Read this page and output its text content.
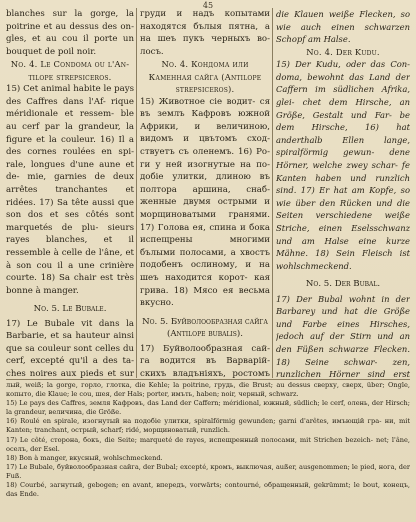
45

blanches sur la gorge, la poitrine et au dessus des on- gles, et au cou il porte un bouquet de poil noir.

No. 4. Le Condoma ou l'An- tilope strepsiceros.

15) Cet animal habite le pays des Caffres dans l'Af- rique méridionale et ressem- ble au cerf par la grandeur, la figure et la couleur. 16) Il a des cornes roulées en spi- rale, longues d'une aune et de- mie, garnies de deux arrêtes tranchantes et ridées. 17) Sa tête aussi que son dos et ses côtés sont marquetés de plu- sieurs rayes blanches, et il ressemble à celle de l'âne, et à son cou il a une crinière courte. 18) Sa chair est très bonne à manger.

No. 5. Le Bubale.

17) Le Bubale vit dans la Barbarie, et sa hauteur ainsi que sa couleur sont celles du cerf, excepté qu'il a des ta- ches noires aux pieds et sur

груди и надъ копытами находятся бълыя пятна, а на шеъ пукъ черныхъ во- лосъ.

No. 4. Кондома или Каменная сайга (Antilope strepsiceros).

15) Животное сіе водит- ся въ землъ Кафровъ южной Африки, и величиною, видомъ и цвътомъ сход- ствуетъ съ оленемъ. 16) Ро- ги у ней изогнутые на по- добіе улитки, длиною въ полтора аршина, снаб- женные двумя острыми и морщиноватыми гранями. 17) Голова ея, спина и бока испещрены многими бълыми полосами, а хвостъ подобенъ ослиному, и на шеъ находится корот- кая грива. 18) Мясо ея весьма вкусно.

No. 5. Буйволообразная сайга (Antilope bubalis).

17) Буйволообразная сай- га водится въ Варварій- скихъ владъніяхъ, ростомъ

die Klauen weiße Flecken, so wie auch einen schwarzen Schopf am Halse.

No. 4. Der Kudu.

15) Der Kudu, oder das Con- doma, bewohnt das Land der Caffern im südlichen Afrika, glei- chet dem Hirsche, an Größe, Gestalt und Far- be dem Hirsche, 16) hat anderthalb Ellen lange, spiralförmig gewun- dene Hörner, welche zwey schar- fe Kanten haben und runzlich sind. 17) Er hat am Kopfe, so wie über den Rücken und die Seiten verschiedene weiße Striche, einen Eselsschwanz und am Halse eine kurze Mähne. 18) Sein Fleisch ist wohlschmeckend.

No. 5. Der Bubal.

17) Der Bubal wohnt in der Barbarey und hat die Größe und Farbe eines Hirsches, jedoch auf der Stirn und an den Füßen schwarze Flecken. 18) Seine schwar- zen, runzlichen Hörner sind erst

лый, weiß; la gorge, горло, глотка, die Kehle; la poitrine, грудь, die Brust; au dessus сверху, сверх, über; Ongle, копыто, die Klaue; le cou, шея, der Hals; porter, имъть, haben; noir, черный, schwarz.

15) Le pays des Caffres, земля Кафровъ, das Land der Caffern; méridional, южный, südlich; le cerf, олень, der Hirsch; la grandeur, величина, die Größe.

16) Roulé en spirale, изогнутый на подобіе улитки, spiralförmig gewunden; garni d'arêtes, имъющій гра- ни, mit Kanten; tranchant, острый, scharf; ridé, морщиноватый, runzlich.

17) Le côté, сторона, бокъ, die Seite; marqueté de rayes, испещренный полосами, mit Strichen bezeich- net; l'âne, оселъ, der Esel.

18) Bon à manger, вкусный, wohlschmeckend.

17) Le Bubale, буйволообразная сайга, der Bubal; excepté, кромъ, выключая, außer, ausgenommen; le pied, нога, der Fuß.

18) Courbé, загнутый, gebogen; en avant, впередъ, vorwärts; contourné, обращенный, gekrümmt; le bout, конецъ, das Ende.
